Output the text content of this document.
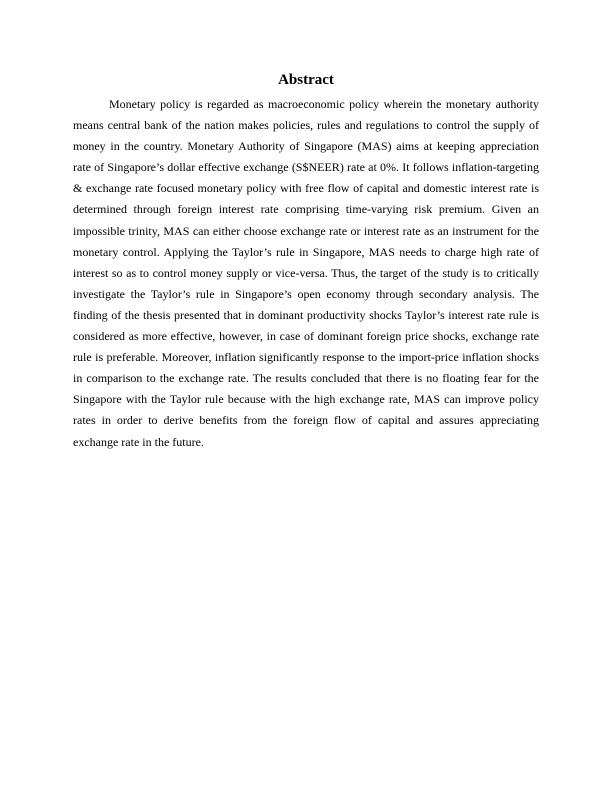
Abstract

Monetary policy is regarded as macroeconomic policy wherein the monetary authority means central bank of the nation makes policies, rules and regulations to control the supply of money in the country. Monetary Authority of Singapore (MAS) aims at keeping appreciation rate of Singapore’s dollar effective exchange (S$NEER) rate at 0%. It follows inflation-targeting & exchange rate focused monetary policy with free flow of capital and domestic interest rate is determined through foreign interest rate comprising time-varying risk premium. Given an impossible trinity, MAS can either choose exchange rate or interest rate as an instrument for the monetary control. Applying the Taylor’s rule in Singapore, MAS needs to charge high rate of interest so as to control money supply or vice-versa. Thus, the target of the study is to critically investigate the Taylor’s rule in Singapore’s open economy through secondary analysis. The finding of the thesis presented that in dominant productivity shocks Taylor’s interest rate rule is considered as more effective, however, in case of dominant foreign price shocks, exchange rate rule is preferable. Moreover, inflation significantly response to the import-price inflation shocks in comparison to the exchange rate. The results concluded that there is no floating fear for the Singapore with the Taylor rule because with the high exchange rate, MAS can improve policy rates in order to derive benefits from the foreign flow of capital and assures appreciating exchange rate in the future.
